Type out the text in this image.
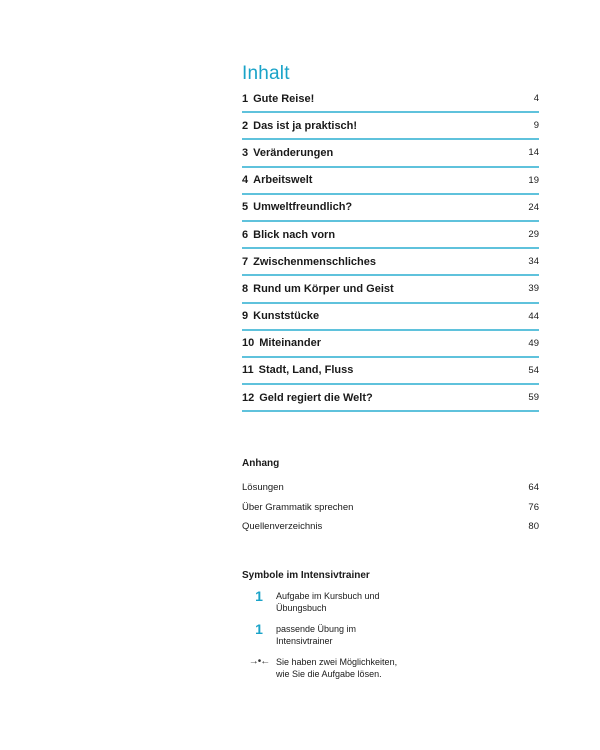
Inhalt
1 Gute Reise!	4
2 Das ist ja praktisch!	9
3 Veränderungen	14
4 Arbeitswelt	19
5 Umweltfreundlich?	24
6 Blick nach vorn	29
7 Zwischenmenschliches	34
8 Rund um Körper und Geist	39
9 Kunststücke	44
10 Miteinander	49
11 Stadt, Land, Fluss	54
12 Geld regiert die Welt?	59
Anhang
Lösungen	64
Über Grammatik sprechen	76
Quellenverzeichnis	80
Symbole im Intensivtrainer
1	Aufgabe im Kursbuch und
Übungsbuch
1	passende Übung im
Intensivtrainer
→•← Sie haben zwei Möglichkeiten,
wie Sie die Aufgabe lösen.
